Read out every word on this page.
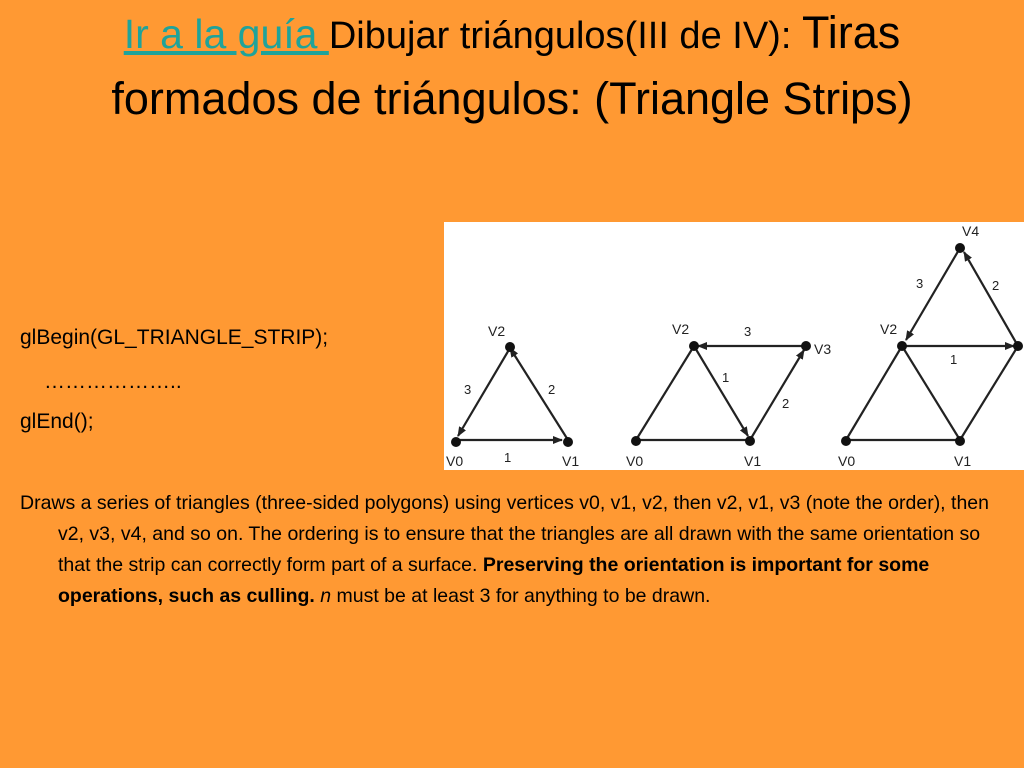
Ir a la guía Dibujar triángulos(III de IV): Tiras formados de triángulos: (Triangle Strips)
glBegin(GL_TRIANGLE_STRIP);
………………..
glEnd();
V0	V1
V2
1
2
3
V0	V1
V2
V3
1
2
3
V0	V1
V2
V4
1
2
3

Draws a series of triangles (three-sided polygons) using vertices v0, v1, v2, then v2, v1, v3 (note the order), then v2, v3, v4, and so on. The ordering is to ensure that the triangles are all drawn with the same orientation so that the strip can correctly form part of a surface. Preserving the orientation is important for some operations, such as culling. n must be at least 3 for anything to be drawn.
